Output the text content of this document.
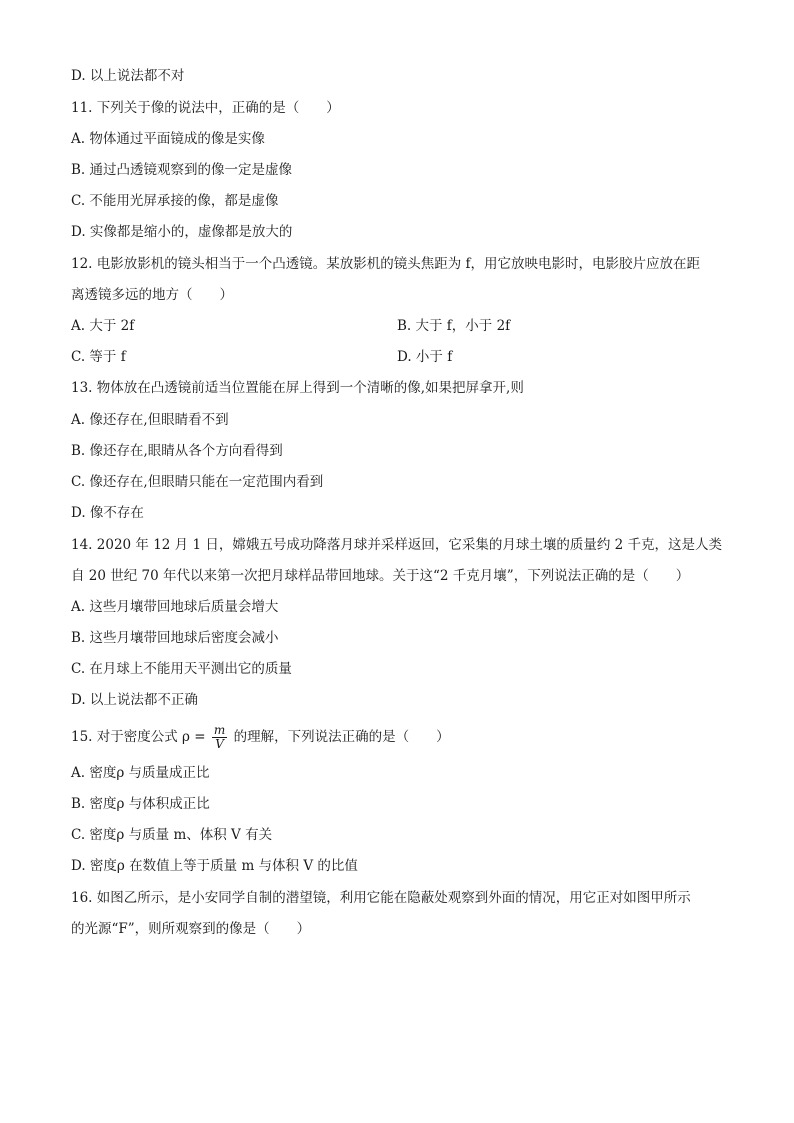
D. 以上说法都不对
11. 下列关于像的说法中，正确的是（　　）
A. 物体通过平面镜成的像是实像
B. 通过凸透镜观察到的像一定是虚像
C. 不能用光屏承接的像，都是虚像
D. 实像都是缩小的，虚像都是放大的
12. 电影放影机的镜头相当于一个凸透镜。某放影机的镜头焦距为 f，用它放映电影时，电影胶片应放在距
离透镜多远的地方（　　）
A. 大于 2f	B. 大于 f，小于 2f
C. 等于 f	D. 小于 f
13. 物体放在凸透镜前适当位置能在屏上得到一个清晰的像,如果把屏拿开,则
A. 像还存在,但眼睛看不到
B. 像还存在,眼睛从各个方向看得到
C. 像还存在,但眼睛只能在一定范围内看到
D. 像不存在
14. 2020 年 12 月 1 日，嫦娥五号成功降落月球并采样返回，它采集的月球土壤的质量约 2 千克，这是人类
自 20 世纪 70 年代以来第一次把月球样品带回地球。关于这“2 千克月壤”，下列说法正确的是（　　）
A. 这些月壤带回地球后质量会增大
B. 这些月壤带回地球后密度会减小
C. 在月球上不能用天平测出它的质量
D. 以上说法都不正确
15. 对于密度公式 $\rho = \frac{m}{V}$ 的理解，下列说法正确的是（　　）
A. 密度ρ 与质量成正比
B. 密度ρ 与体积成正比
C. 密度ρ 与质量 m、体积 V 有关
D. 密度ρ 在数值上等于质量 m 与体积 V 的比值
16. 如图乙所示，是小安同学自制的潜望镜，利用它能在隐蔽处观察到外面的情况，用它正对如图甲所示
的光源“F”，则所观察到的像是（　　）
